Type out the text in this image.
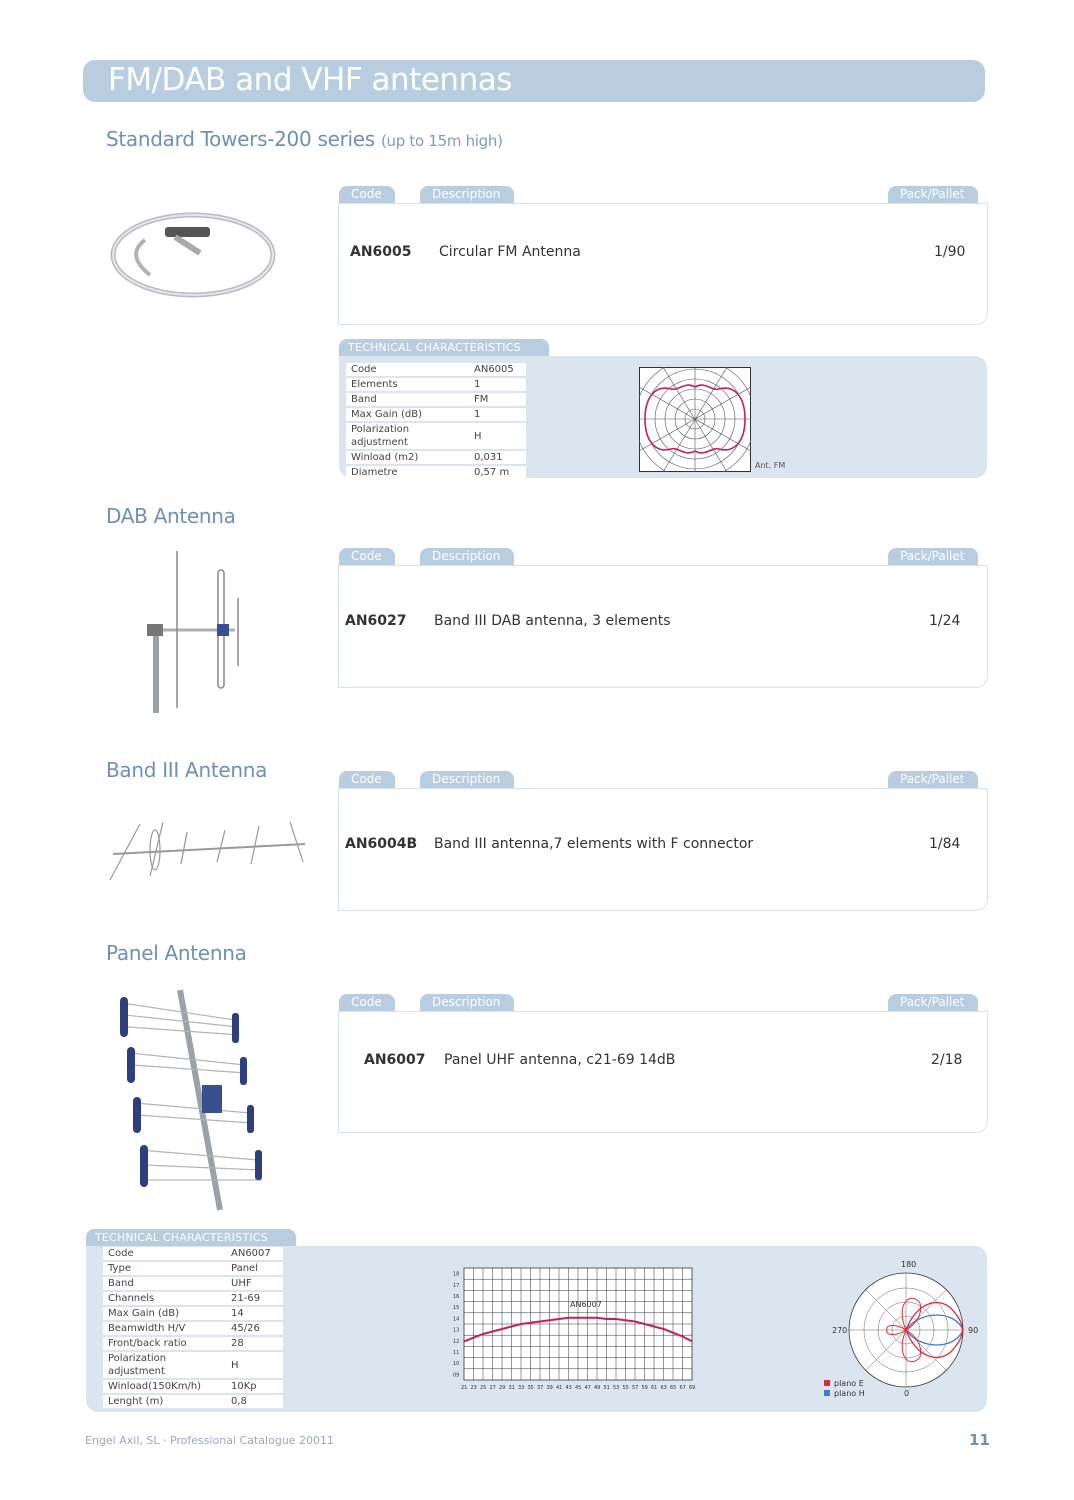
FM/DAB and VHF antennas
Standard Towers-200 series (up to 15m high)
Code	Description	Pack/Pallet
AN6005 Circular FM Antenna	1/90
TECHNICAL CHARACTERISTICS
Code	AN6005
Elements	1
Band	FM
Max Gain (dB)	1
Polarization adjustment	H
Winload (m2)	0,031
Diametre	0,57 m
Ant. FM
DAB Antenna
Code	Description	Pack/Pallet
AN6027 Band III DAB antenna, 3 elements	1/24
Band III Antenna	Code	Description	Pack/Pallet
AN6004B Band III antenna,7 elements with F connector	1/84
Panel Antenna
Code	Description	Pack/Pallet
AN6007 Panel UHF antenna, c21-69 14dB	2/18
TECHNICAL CHARACTERISTICS
Code	AN6007
Type	Panel
Band	UHF
Channels	21-69
Max Gain (dB)	14
Beamwidth H/V	45/26
Front/back ratio	28
Polarization adjustment	H
Winload(150Km/h)	10Kp
Lenght (m)	0,8
09
10
11
12
13
14
15
16
17
18
21 23 25 27 29 31 33 35 37 39 41 43 45 47 49 51 53 55 57 59 61 63 65 67 69
AN6007
180
90
0
270
plano E
plano H
Engel Axil, SL · Professional Catalogue 20011	11
